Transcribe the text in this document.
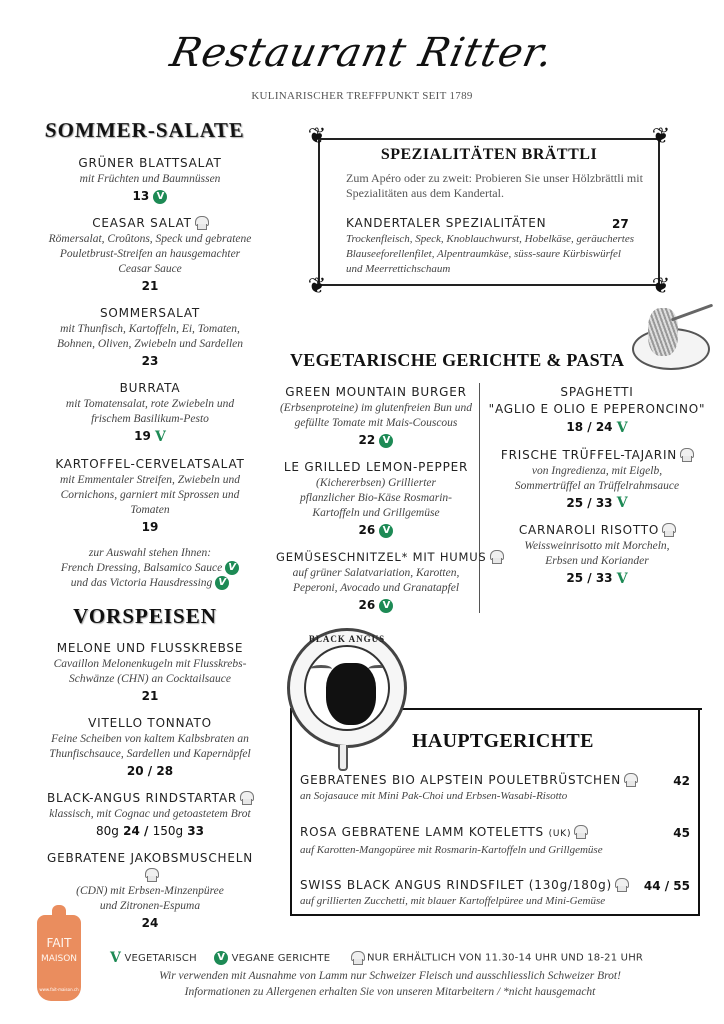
Restaurant Ritter.
KULINARISCHER TREFFPUNKT SEIT 1789
SOMMER-SALATE
GRÜNER BLATTSALAT
mit Früchten und Baumnüssen
13 V
CEASAR SALAT
Römersalat, Croûtons, Speck und gebratene Pouletbrust-Streifen an hausgemachter Ceasar Sauce
21
SOMMERSALAT
mit Thunfisch, Kartoffeln, Ei, Tomaten, Bohnen, Oliven, Zwiebeln und Sardellen
23
BURRATA
mit Tomatensalat, rote Zwiebeln und frischem Basilikum-Pesto
19 V
KARTOFFEL-CERVELATSALAT
mit Emmentaler Streifen, Zwiebeln und Cornichons, garniert mit Sprossen und Tomaten
19
zur Auswahl stehen Ihnen:
French Dressing, Balsamico Sauce V
und das Victoria Hausdressing V
VORSPEISEN
MELONE UND FLUSSKREBSE
Cavaillon Melonenkugeln mit Flusskrebs-Schwänze (CHN) an Cocktailsauce
21
VITELLO TONNATO
Feine Scheiben von kaltem Kalbsbraten an Thunfischsauce, Sardellen und Kapernäpfel
20 / 28
BLACK-ANGUS RINDSTARTAR
klassisch, mit Cognac und getoastetem Brot
80g 24 / 150g 33
GEBRATENE JAKOBSMUSCHELN
(CDN) mit Erbsen-Minzenpüree und Zitronen-Espuma
24
❦	❦
❦	❦
SPEZIALITÄTEN BRÄTTLI
Zum Apéro oder zu zweit: Probieren Sie unser Hölzbrättli mit Spezialitäten aus dem Kandertal.
KANDERTALER SPEZIALITÄTEN
Trockenfleisch, Speck, Knoblauchwurst, Hobelkäse, geräuchertes Blauseeforellenfilet, Alpentraumkäse, süss-saure Kürbiswürfel und Meerrettichschaum
27
VEGETARISCHE GERICHTE & PASTA
GREEN MOUNTAIN BURGER
(Erbsenproteine) im glutenfreien Bun und gefüllte Tomate mit Mais-Couscous
22 V
LE GRILLED LEMON-PEPPER
(Kichererbsen) Grillierter pflanzlicher Bio-Käse Rosmarin-Kartoffeln und Grillgemüse
26 V
GEMÜSESCHNITZEL* MIT HUMUS
auf grüner Salatvariation, Karotten, Peperoni, Avocado und Granatapfel
26 V
SPAGHETTI
"AGLIO E OLIO E PEPERONCINO"
18 / 24 V
FRISCHE TRÜFFEL-TAJARIN
von Ingredienza, mit Eigelb, Sommertrüffel an Trüffelrahmsauce
25 / 33 V
CARNAROLI RISOTTO
Weissweinrisotto mit Morcheln, Erbsen und Koriander
25 / 33 V
BLACK ANGUS
HAUPTGERICHTE
GEBRATENES BIO ALPSTEIN POULETBRÜSTCHEN
an Sojasauce mit Mini Pak-Choi und Erbsen-Wasabi-Risotto
42
ROSA GEBRATENE LAMM KOTELETTS (UK)
auf Karotten-Mangopüree mit Rosmarin-Kartoffeln und Grillgemüse
45
SWISS BLACK ANGUS RINDSFILET (130g/180g)
auf grillierten Zucchetti, mit blauer Kartoffelpüree und Mini-Gemüse
44 / 55
FAIT
MAISON
www.fait-maison.ch
V VEGETARISCH V VEGANE GERICHTE	NUR ERHÄLTLICH VON 11.30-14 UHR UND 18-21 UHR
Wir verwenden mit Ausnahme von Lamm nur Schweizer Fleisch und ausschliesslich Schweizer Brot!
Informationen zu Allergenen erhalten Sie von unseren Mitarbeitern / *nicht hausgemacht
